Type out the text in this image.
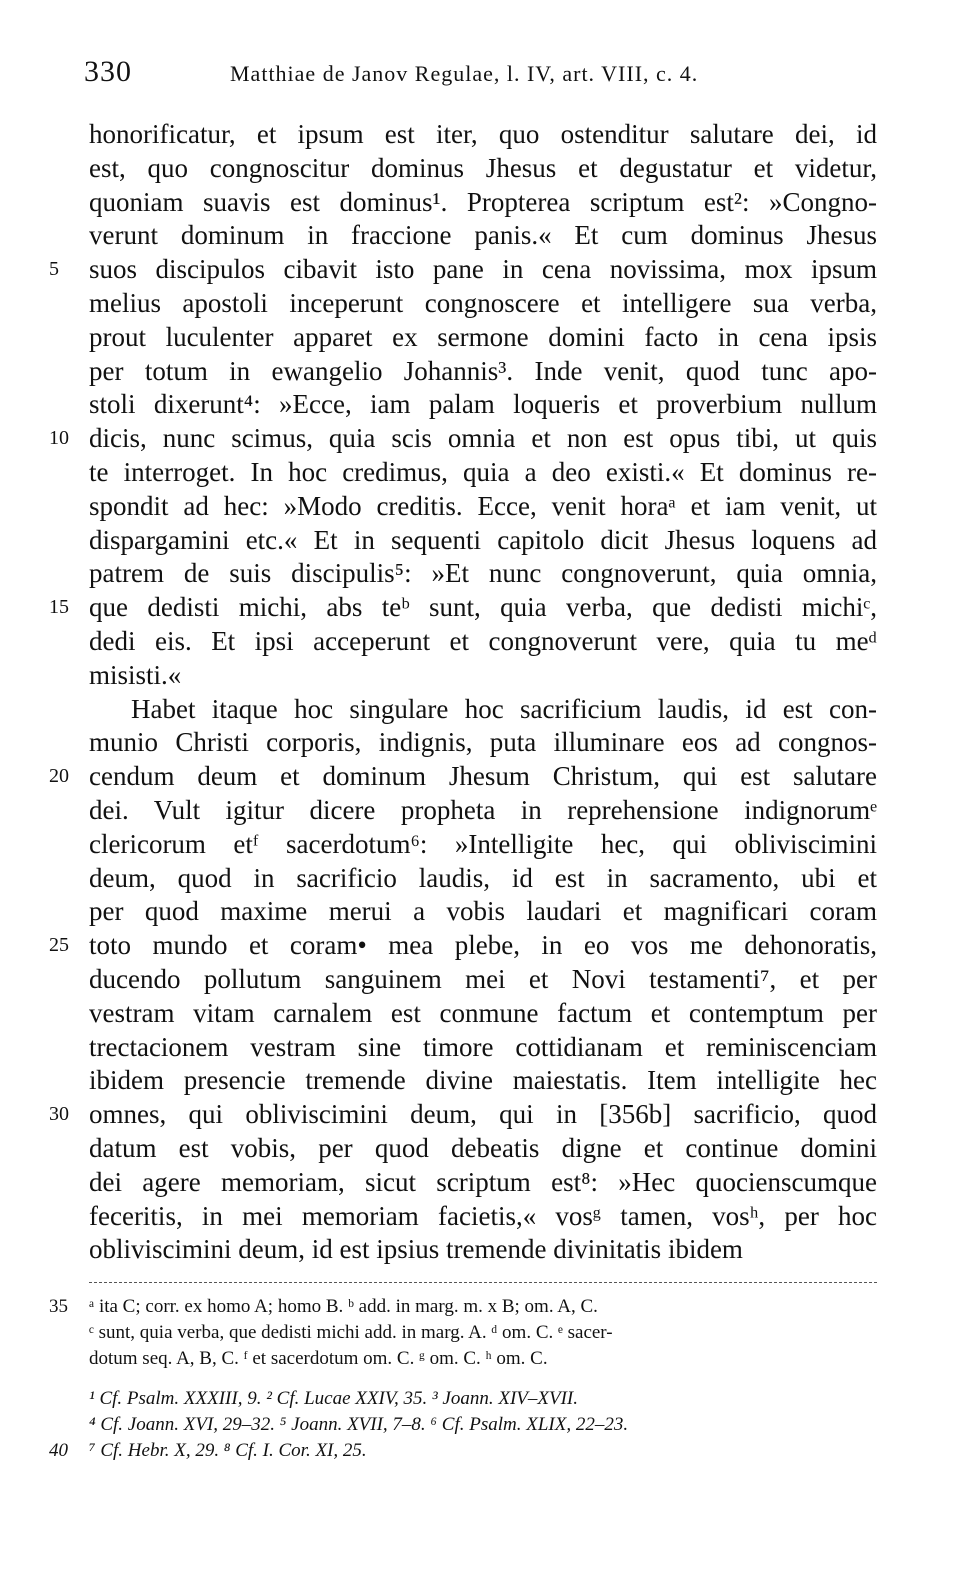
330	Matthiae de Janov Regulae, l. IV, art. VIII, c. 4.
honorificatur, et ipsum est iter, quo ostenditur salutare dei, id
est, quo congnoscitur dominus Jhesus et degustatur et videtur,
quoniam suavis est dominus¹. Propterea scriptum est²: »Congno-
verunt dominum in fraccione panis.« Et cum dominus Jhesus
5	suos discipulos cibavit isto pane in cena novissima, mox ipsum
melius apostoli inceperunt congnoscere et intelligere sua verba,
prout luculenter apparet ex sermone domini facto in cena ipsis
per totum in ewangelio Johannis³. Inde venit, quod tunc apo-
stoli dixerunt⁴: »Ecce, iam palam loqueris et proverbium nullum
10 dicis, nunc scimus, quia scis omnia et non est opus tibi, ut quis
te interroget. In hoc credimus, quia a deo existi.« Et dominus re-
spondit ad hec: »Modo creditis. Ecce, venit horaᵃ et iam venit, ut
dispargamini etc.« Et in sequenti capitolo dicit Jhesus loquens ad
patrem de suis discipulis⁵: »Et nunc congnoverunt, quia omnia,
15 que dedisti michi, abs teᵇ sunt, quia verba, que dedisti michiᶜ,
dedi eis. Et ipsi acceperunt et congnoverunt vere, quia tu meᵈ
misisti.«
Habet itaque hoc singulare hoc sacrificium laudis, id est con-
munio Christi corporis, indignis, puta illuminare eos ad congnos-
20 cendum deum et dominum Jhesum Christum, qui est salutare
dei. Vult igitur dicere propheta in reprehensione indignorumᵉ
clericorum etᶠ sacerdotum⁶: »Intelligite hec, qui obliviscimini
deum, quod in sacrificio laudis, id est in sacramento, ubi et
per quod maxime merui a vobis laudari et magnificari coram
25 toto mundo et coram• mea plebe, in eo vos me dehonoratis,
ducendo pollutum sanguinem mei et Novi testamenti⁷, et per
vestram vitam carnalem est conmune factum et contemptum per
trectacionem vestram sine timore cottidianam et reminiscenciam
ibidem presencie tremende divine maiestatis. Item intelligite hec
30 omnes, qui obliviscimini deum, qui in [356b] sacrificio, quod
datum est vobis, per quod debeatis digne et continue domini
dei agere memoriam, sicut scriptum est⁸: »Hec quocienscumque
feceritis, in mei memoriam facietis,« vosᵍ tamen, vosʰ, per hoc
obliviscimini deum, id est ipsius tremende divinitatis ibidem
35	ᵃ ita C; corr. ex homo A; homo B. ᵇ add. in marg. m. x B; om. A, C.
ᶜ sunt, quia verba, que dedisti michi add. in marg. A. ᵈ om. C. ᵉ sacer-
dotum seq. A, B, C. ᶠ et sacerdotum om. C. ᵍ om. C. ʰ om. C.
¹ Cf. Psalm. XXXIII, 9. ² Cf. Lucae XXIV, 35. ³ Joann. XIV–XVII.
⁴ Cf. Joann. XVI, 29–32. ⁵ Joann. XVII, 7–8. ⁶ Cf. Psalm. XLIX, 22–23.
40	⁷ Cf. Hebr. X, 29. ⁸ Cf. I. Cor. XI, 25.
